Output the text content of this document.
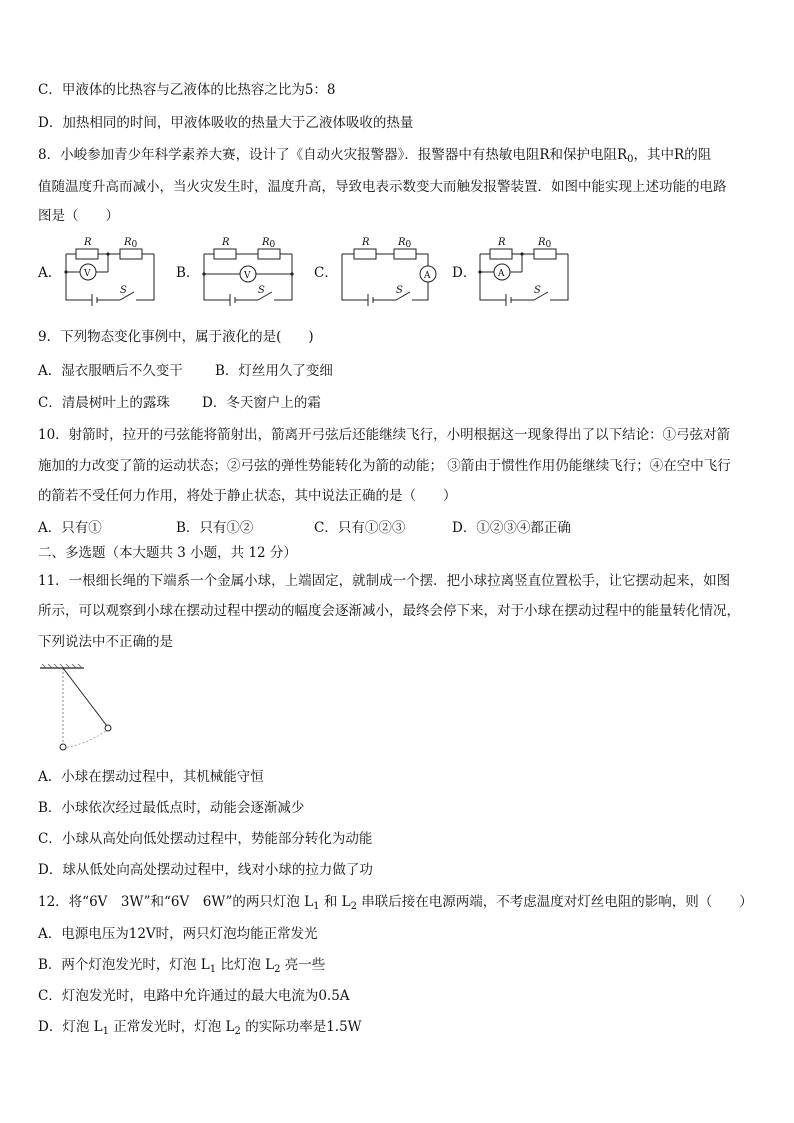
C．甲液体的比热容与乙液体的比热容之比为5：8
D．加热相同的时间，甲液体吸收的热量大于乙液体吸收的热量
8．小峻参加青少年科学素养大赛，设计了《自动火灾报警器》．报警器中有热敏电阻R和保护电阻$R_0$，其中R的阻
值随温度升高而减小，当火灾发生时，温度升高，导致电表示数变大而触发报警装置．如图中能实现上述功能的电路
图是（　　）
A．
R	R0
V
S
B．
R	R0
V
S
C．
R	R0
A
S
D．
R	R0
A
S
9．下列物态变化事例中，属于液化的是(　　)
A．湿衣服晒后不久变干 B．灯丝用久了变细
C．清晨树叶上的露珠 D．冬天窗户上的霜
10．射箭时，拉开的弓弦能将箭射出，箭离开弓弦后还能继续飞行，小明根据这一现象得出了以下结论：①弓弦对箭
施加的力改变了箭的运动状态；②弓弦的弹性势能转化为箭的动能； ③箭由于惯性作用仍能继续飞行；④在空中飞行
的箭若不受任何力作用，将处于静止状态，其中说法正确的是（　　）
A．只有①	B．只有①②	C．只有①②③	D．①②③④都正确
二、多选题（本大题共 3 小题，共 12 分）
11．一根细长绳的下端系一个金属小球，上端固定，就制成一个摆．把小球拉离竖直位置松手，让它摆动起来，如图
所示，可以观察到小球在摆动过程中摆动的幅度会逐渐减小，最终会停下来，对于小球在摆动过程中的能量转化情况，
下列说法中不正确的是
A．小球在摆动过程中，其机械能守恒
B．小球依次经过最低点时，动能会逐渐减少
C．小球从高处向低处摆动过程中，势能部分转化为动能
D．球从低处向高处摆动过程中，线对小球的拉力做了功
12．将“6V　3W”和“6V　6W”的两只灯泡 $L_1$ 和 $L_2$ 串联后接在电源两端，不考虑温度对灯丝电阻的影响，则（　　）
A．电源电压为12V时，两只灯泡均能正常发光
B．两个灯泡发光时，灯泡 $L_1$ 比灯泡 $L_2$ 亮一些
C．灯泡发光时，电路中允许通过的最大电流为0.5A
D．灯泡 $L_1$ 正常发光时，灯泡 $L_2$ 的实际功率是1.5W
